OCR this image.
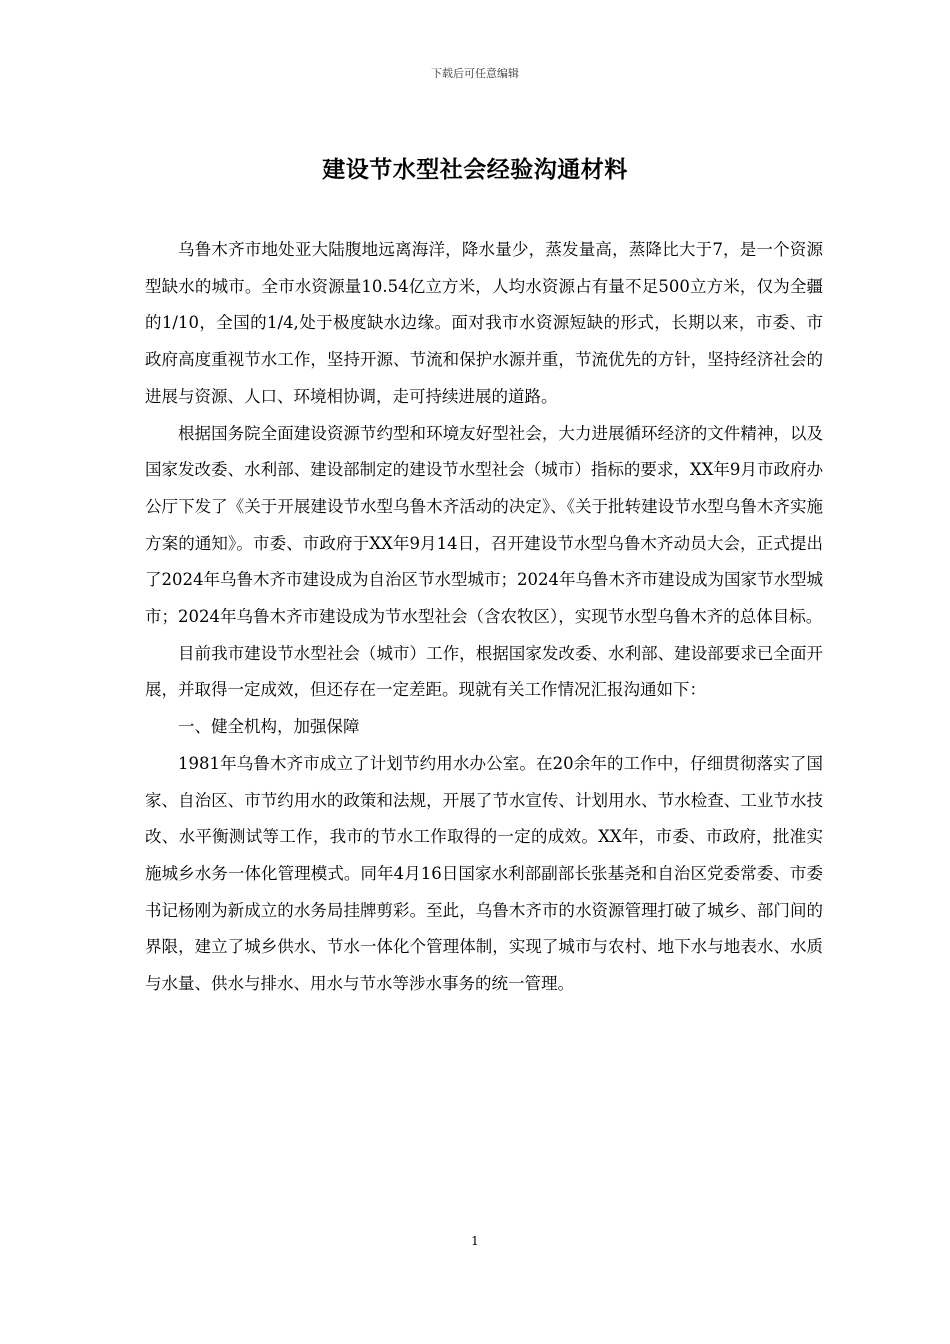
下载后可任意编辑
建设节水型社会经验沟通材料

乌鲁木齐市地处亚大陆腹地远离海洋，降水量少，蒸发量高，蒸降比大于7，是一个资源型缺水的城市。全市水资源量10.54亿立方米，人均水资源占有量不足500立方米，仅为全疆的1/10，全国的1/4,处于极度缺水边缘。面对我市水资源短缺的形式，长期以来，市委、市政府高度重视节水工作，坚持开源、节流和保护水源并重，节流优先的方针，坚持经济社会的进展与资源、人口、环境相协调，走可持续进展的道路。

根据国务院全面建设资源节约型和环境友好型社会，大力进展循环经济的文件精神，以及国家发改委、水利部、建设部制定的建设节水型社会（城市）指标的要求，XX年9月市政府办公厅下发了《关于开展建设节水型乌鲁木齐活动的决定》、《关于批转建设节水型乌鲁木齐实施方案的通知》。市委、市政府于XX年9月14日，召开建设节水型乌鲁木齐动员大会，正式提出了2024年乌鲁木齐市建设成为自治区节水型城市；2024年乌鲁木齐市建设成为国家节水型城市；2024年乌鲁木齐市建设成为节水型社会（含农牧区），实现节水型乌鲁木齐的总体目标。

目前我市建设节水型社会（城市）工作，根据国家发改委、水利部、建设部要求已全面开展，并取得一定成效，但还存在一定差距。现就有关工作情况汇报沟通如下：

一、健全机构，加强保障

1981年乌鲁木齐市成立了计划节约用水办公室。在20余年的工作中，仔细贯彻落实了国家、自治区、市节约用水的政策和法规，开展了节水宣传、计划用水、节水检查、工业节水技改、水平衡测试等工作，我市的节水工作取得的一定的成效。XX年，市委、市政府，批准实施城乡水务一体化管理模式。同年4月16日国家水利部副部长张基尧和自治区党委常委、市委书记杨刚为新成立的水务局挂牌剪彩。至此，乌鲁木齐市的水资源管理打破了城乡、部门间的界限，建立了城乡供水、节水一体化个管理体制，实现了城市与农村、地下水与地表水、水质与水量、供水与排水、用水与节水等涉水事务的统一管理。

1
